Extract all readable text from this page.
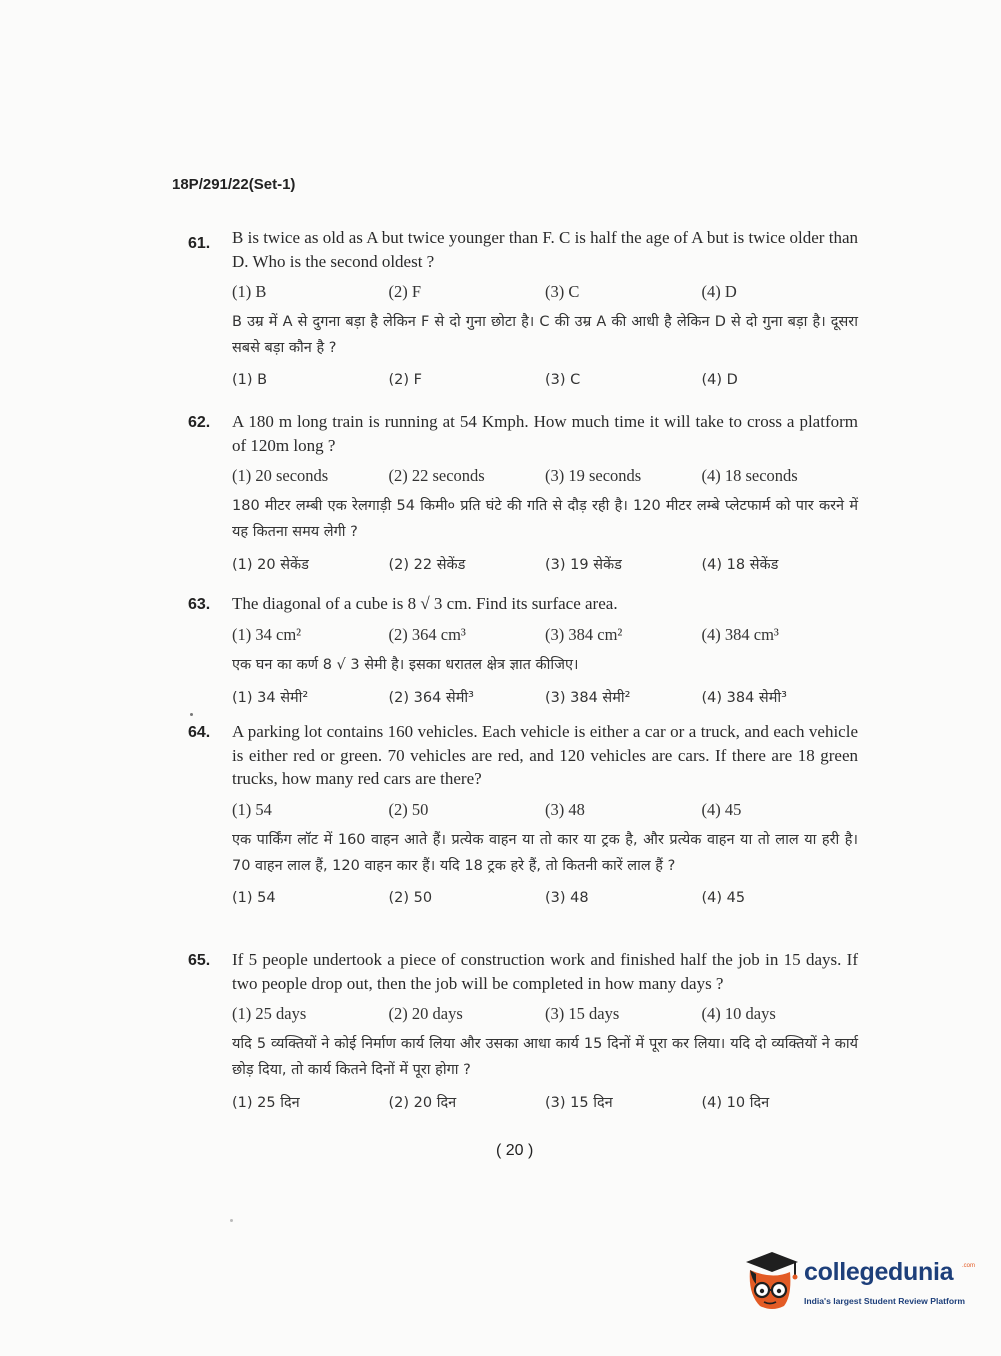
18P/291/22(Set-1)
61. B is twice as old as A but twice younger than F. C is half the age of A but is twice older than D. Who is the second oldest ?

(1) B	(2) F	(3) C	(4) D

B उम्र में A से दुगना बड़ा है लेकिन F से दो गुना छोटा है। C की उम्र A की आधी है लेकिन D से दो गुना बड़ा है। दूसरा सबसे बड़ा कौन है ?

(1) B	(2) F	(3) C	(4) D
62. A 180 m long train is running at 54 Kmph. How much time it will take to cross a platform of 120m long ?

(1) 20 seconds	(2) 22 seconds	(3) 19 seconds	(4) 18 seconds

180 मीटर लम्बी एक रेलगाड़ी 54 किमी० प्रति घंटे की गति से दौड़ रही है। 120 मीटर लम्बे प्लेटफार्म को पार करने में यह कितना समय लेगी ?

(1) 20 सेकेंड	(2) 22 सेकेंड	(3) 19 सेकेंड	(4) 18 सेकेंड
63. The diagonal of a cube is 8 √ 3 cm. Find its surface area.

(1) 34 cm²	(2) 364 cm³	(3) 384 cm²	(4) 384 cm³

एक घन का कर्ण 8 √ 3 सेमी है। इसका धरातल क्षेत्र ज्ञात कीजिए।

(1) 34 सेमी²	(2) 364 सेमी³	(3) 384 सेमी²	(4) 384 सेमी³
64. A parking lot contains 160 vehicles. Each vehicle is either a car or a truck, and each vehicle is either red or green. 70 vehicles are red, and 120 vehicles are cars. If there are 18 green trucks, how many red cars are there?

(1) 54	(2) 50	(3) 48	(4) 45

एक पार्किंग लॉट में 160 वाहन आते हैं। प्रत्येक वाहन या तो कार या ट्रक है, और प्रत्येक वाहन या तो लाल या हरी है। 70 वाहन लाल हैं, 120 वाहन कार हैं। यदि 18 ट्रक हरे हैं, तो कितनी कारें लाल हैं ?

(1) 54	(2) 50	(3) 48	(4) 45
65. If 5 people undertook a piece of construction work and finished half the job in 15 days. If two people drop out, then the job will be completed in how many days ?

(1) 25 days	(2) 20 days	(3) 15 days	(4) 10 days

यदि 5 व्यक्तियों ने कोई निर्माण कार्य लिया और उसका आधा कार्य 15 दिनों में पूरा कर लिया। यदि दो व्यक्तियों ने कार्य छोड़ दिया, तो कार्य कितने दिनों में पूरा होगा ?

(1) 25 दिन	(2) 20 दिन	(3) 15 दिन	(4) 10 दिन
( 20 )
collegedunia .com
India's largest Student Review Platform
